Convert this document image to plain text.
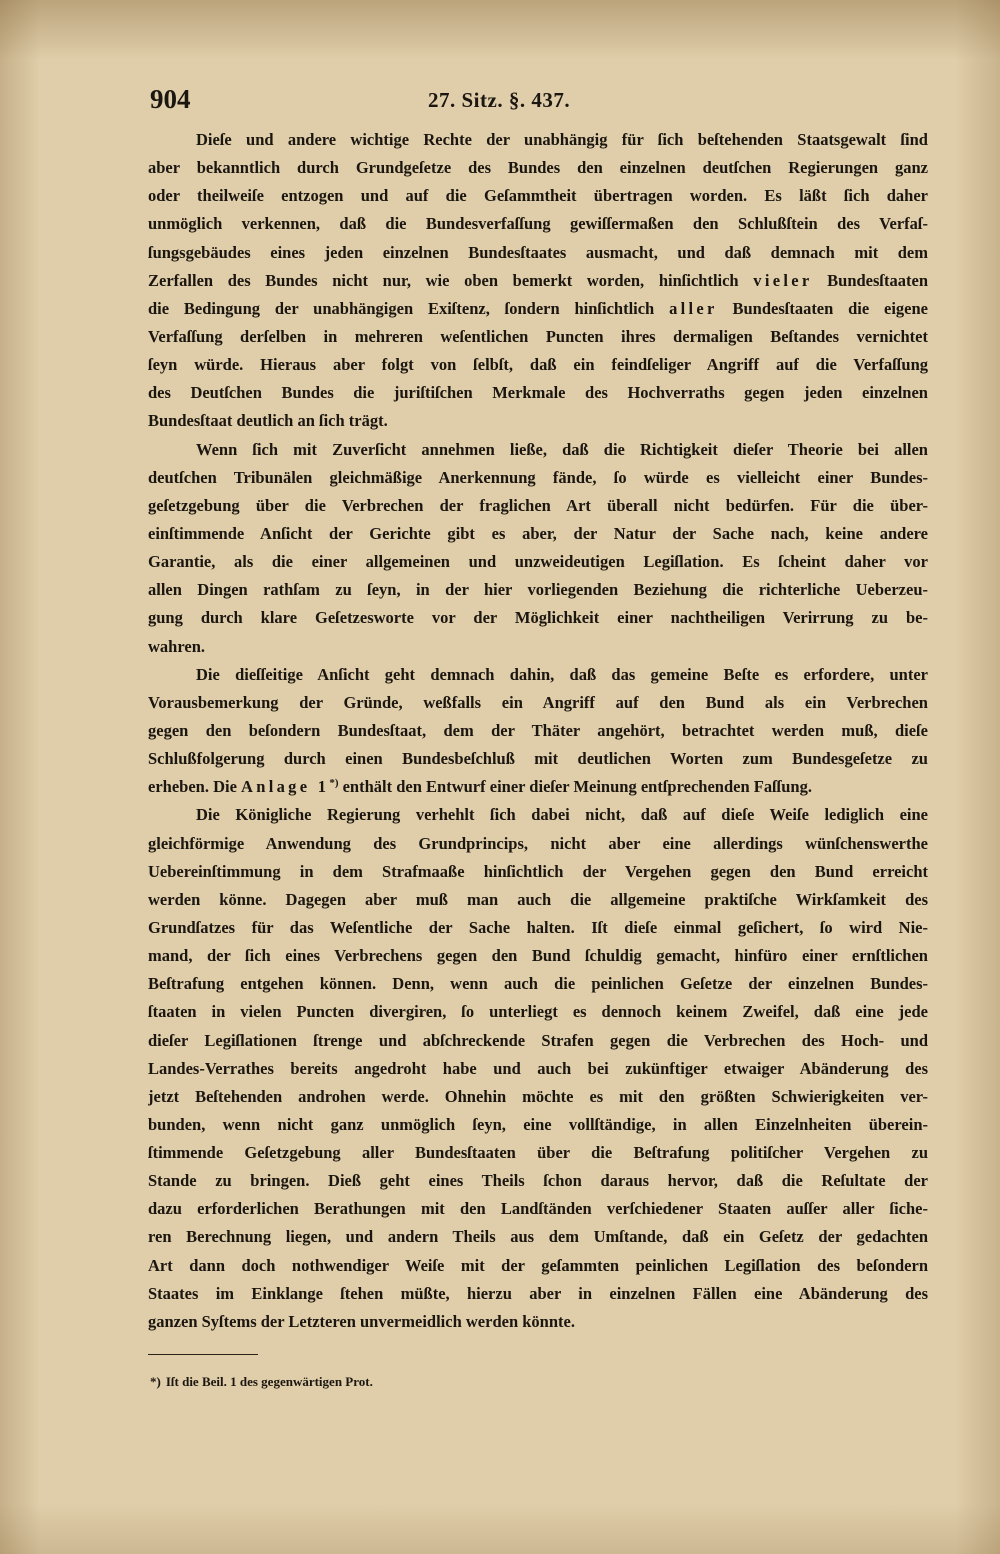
904	27. Sitz. §. 437.
Dieſe und andere wichtige Rechte der unabhängig für ſich beſtehenden Staatsgewalt ſind
aber bekanntlich durch Grundgeſetze des Bundes den einzelnen deutſchen Regierungen ganz
oder theilweiſe entzogen und auf die Geſammtheit übertragen worden. Es läßt ſich daher
unmöglich verkennen, daß die Bundesverfaſſung gewiſſermaßen den Schlußſtein des Verfaſ-
ſungsgebäudes eines jeden einzelnen Bundesſtaates ausmacht, und daß demnach mit dem
Zerfallen des Bundes nicht nur, wie oben bemerkt worden, hinſichtlich vieler Bundesſtaaten
die Bedingung der unabhängigen Exiſtenz, ſondern hinſichtlich aller Bundesſtaaten die eigene
Verfaſſung derſelben in mehreren weſentlichen Puncten ihres dermaligen Beſtandes vernichtet
ſeyn würde. Hieraus aber folgt von ſelbſt, daß ein feindſeliger Angriff auf die Verfaſſung
des Deutſchen Bundes die juriſtiſchen Merkmale des Hochverraths gegen jeden einzelnen
Bundesſtaat deutlich an ſich trägt.
Wenn ſich mit Zuverſicht annehmen ließe, daß die Richtigkeit dieſer Theorie bei allen
deutſchen Tribunälen gleichmäßige Anerkennung fände, ſo würde es vielleicht einer Bundes-
geſetzgebung über die Verbrechen der fraglichen Art überall nicht bedürfen. Für die über-
einſtimmende Anſicht der Gerichte gibt es aber, der Natur der Sache nach, keine andere
Garantie, als die einer allgemeinen und unzweideutigen Legiſlation. Es ſcheint daher vor
allen Dingen rathſam zu ſeyn, in der hier vorliegenden Beziehung die richterliche Ueberzeu-
gung durch klare Geſetzesworte vor der Möglichkeit einer nachtheiligen Verirrung zu be-
wahren.
Die dieſſeitige Anſicht geht demnach dahin, daß das gemeine Beſte es erfordere, unter
Vorausbemerkung der Gründe, weßfalls ein Angriff auf den Bund als ein Verbrechen
gegen den beſondern Bundesſtaat, dem der Thäter angehört, betrachtet werden muß, dieſe
Schlußfolgerung durch einen Bundesbeſchluß mit deutlichen Worten zum Bundesgeſetze zu
erheben. Die Anlage 1*) enthält den Entwurf einer dieſer Meinung entſprechenden Faſſung.
Die Königliche Regierung verhehlt ſich dabei nicht, daß auf dieſe Weiſe lediglich eine
gleichförmige Anwendung des Grundprincips, nicht aber eine allerdings wünſchenswerthe
Uebereinſtimmung in dem Strafmaaße hinſichtlich der Vergehen gegen den Bund erreicht
werden könne. Dagegen aber muß man auch die allgemeine praktiſche Wirkſamkeit des
Grundſatzes für das Weſentliche der Sache halten. Iſt dieſe einmal geſichert, ſo wird Nie-
mand, der ſich eines Verbrechens gegen den Bund ſchuldig gemacht, hinfüro einer ernſtlichen
Beſtrafung entgehen können. Denn, wenn auch die peinlichen Geſetze der einzelnen Bundes-
ſtaaten in vielen Puncten divergiren, ſo unterliegt es dennoch keinem Zweifel, daß eine jede
dieſer Legiſlationen ſtrenge und abſchreckende Strafen gegen die Verbrechen des Hoch- und
Landes-Verrathes bereits angedroht habe und auch bei zukünftiger etwaiger Abänderung des
jetzt Beſtehenden androhen werde. Ohnehin möchte es mit den größten Schwierigkeiten ver-
bunden, wenn nicht ganz unmöglich ſeyn, eine vollſtändige, in allen Einzelnheiten überein-
ſtimmende Geſetzgebung aller Bundesſtaaten über die Beſtrafung politiſcher Vergehen zu
Stande zu bringen. Dieß geht eines Theils ſchon daraus hervor, daß die Reſultate der
dazu erforderlichen Berathungen mit den Landſtänden verſchiedener Staaten auſſer aller ſiche-
ren Berechnung liegen, und andern Theils aus dem Umſtande, daß ein Geſetz der gedachten
Art dann doch nothwendiger Weiſe mit der geſammten peinlichen Legiſlation des beſondern
Staates im Einklange ſtehen müßte, hierzu aber in einzelnen Fällen eine Abänderung des
ganzen Syſtems der Letzteren unvermeidlich werden könnte.
*) Iſt die Beil. 1 des gegenwärtigen Prot.
